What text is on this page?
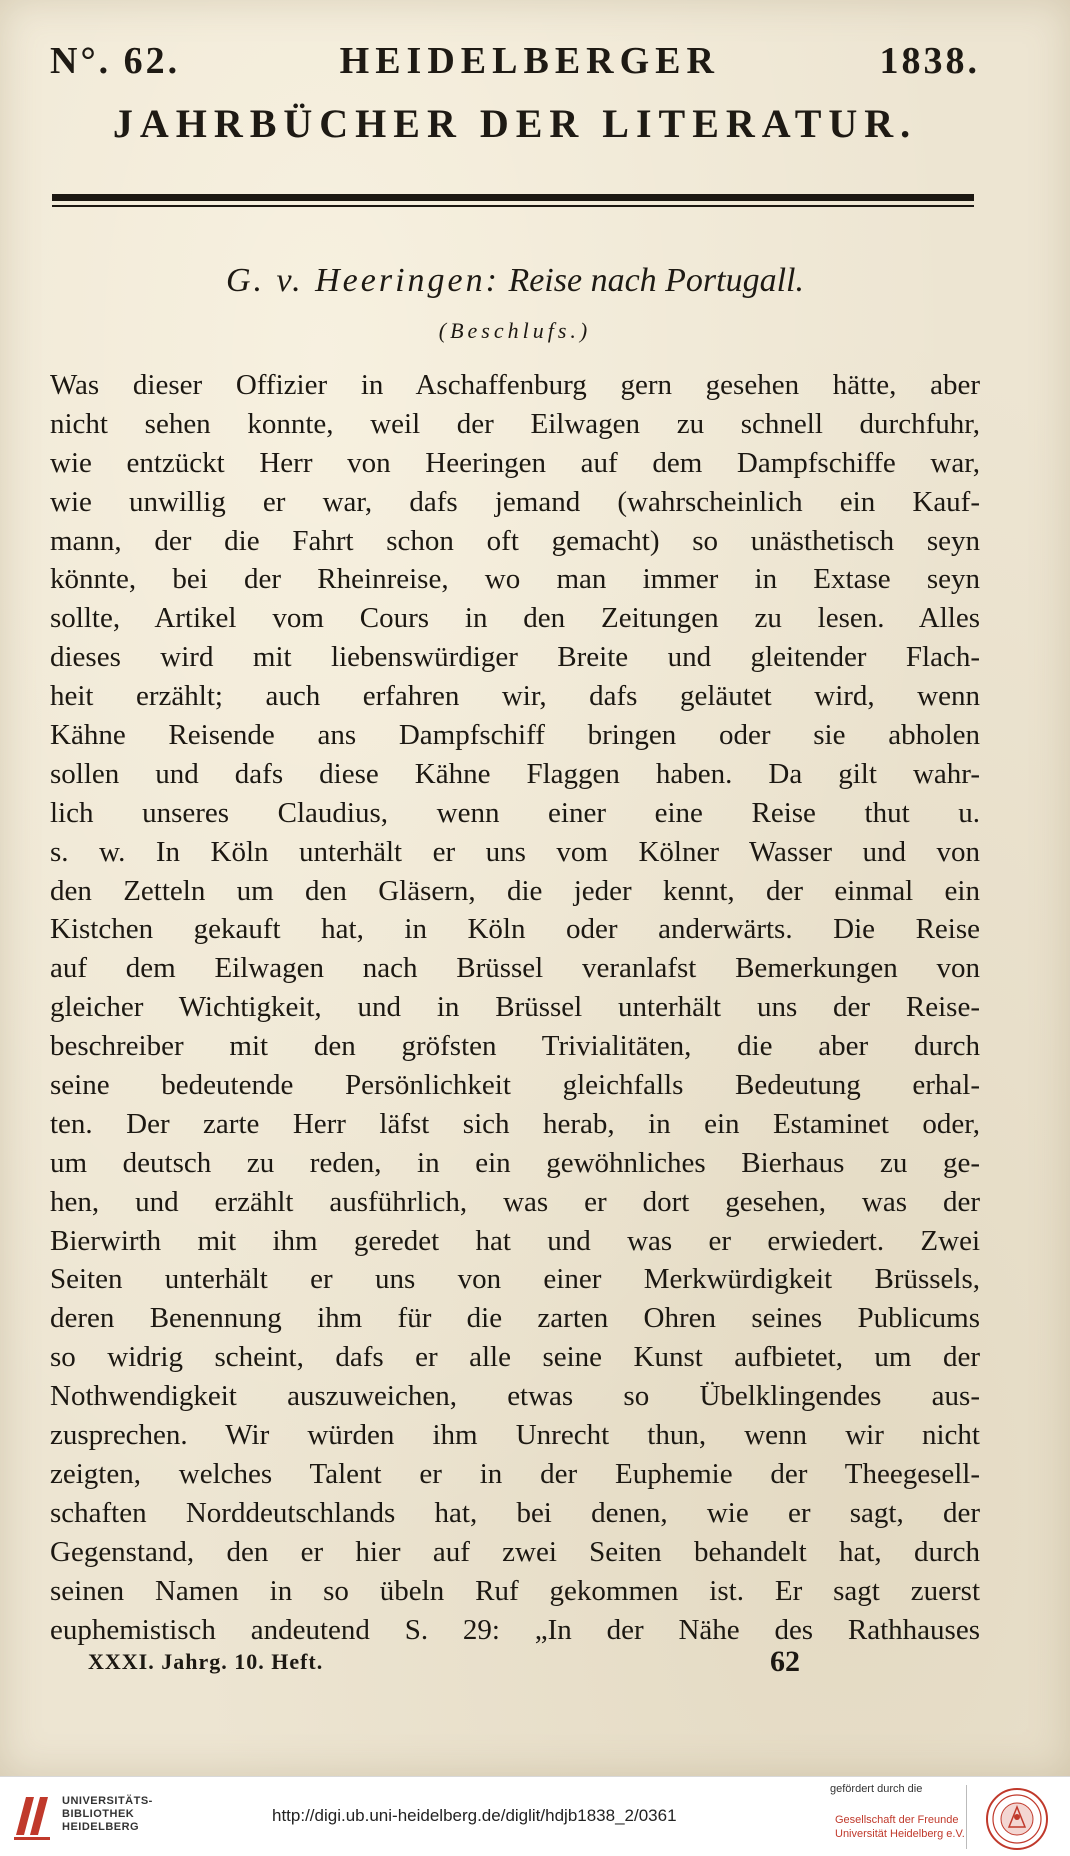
N°. 62.	HEIDELBERGER	1838.
JAHRBÜCHER DER LITERATUR.
G. v. Heeringen: Reise nach Portugall.
(Beschlufs.)
Was dieser Offizier in Aschaffenburg gern gesehen hätte, aber
nicht sehen konnte, weil der Eilwagen zu schnell durchfuhr,
wie entzückt Herr von Heeringen auf dem Dampfschiffe war,
wie unwillig er war, dafs jemand (wahrscheinlich ein Kauf-
mann, der die Fahrt schon oft gemacht) so unästhetisch seyn
könnte, bei der Rheinreise, wo man immer in Extase seyn
sollte, Artikel vom Cours in den Zeitungen zu lesen. Alles
dieses wird mit liebenswürdiger Breite und gleitender Flach-
heit erzählt; auch erfahren wir, dafs geläutet wird, wenn
Kähne Reisende ans Dampfschiff bringen oder sie abholen
sollen und dafs diese Kähne Flaggen haben. Da gilt wahr-
lich unseres Claudius, wenn einer eine Reise thut u.
s. w. In Köln unterhält er uns vom Kölner Wasser und von
den Zetteln um den Gläsern, die jeder kennt, der einmal ein
Kistchen gekauft hat, in Köln oder anderwärts. Die Reise
auf dem Eilwagen nach Brüssel veranlafst Bemerkungen von
gleicher Wichtigkeit, und in Brüssel unterhält uns der Reise-
beschreiber mit den gröfsten Trivialitäten, die aber durch
seine bedeutende Persönlichkeit gleichfalls Bedeutung erhal-
ten. Der zarte Herr läfst sich herab, in ein Estaminet oder,
um deutsch zu reden, in ein gewöhnliches Bierhaus zu ge-
hen, und erzählt ausführlich, was er dort gesehen, was der
Bierwirth mit ihm geredet hat und was er erwiedert. Zwei
Seiten unterhält er uns von einer Merkwürdigkeit Brüssels,
deren Benennung ihm für die zarten Ohren seines Publicums
so widrig scheint, dafs er alle seine Kunst aufbietet, um der
Nothwendigkeit auszuweichen, etwas so Übelklingendes aus-
zusprechen. Wir würden ihm Unrecht thun, wenn wir nicht
zeigten, welches Talent er in der Euphemie der Theegesell-
schaften Norddeutschlands hat, bei denen, wie er sagt, der
Gegenstand, den er hier auf zwei Seiten behandelt hat, durch
seinen Namen in so übeln Ruf gekommen ist. Er sagt zuerst
euphemistisch andeutend S. 29: „In der Nähe des Rathhauses
XXXI. Jahrg. 10. Heft.	62
UNIVERSITÄTS-
BIBLIOTHEK
HEIDELBERG
http://digi.ub.uni-heidelberg.de/diglit/hdjb1838_2/0361
gefördert durch die
Gesellschaft der Freunde
Universität Heidelberg e.V.
